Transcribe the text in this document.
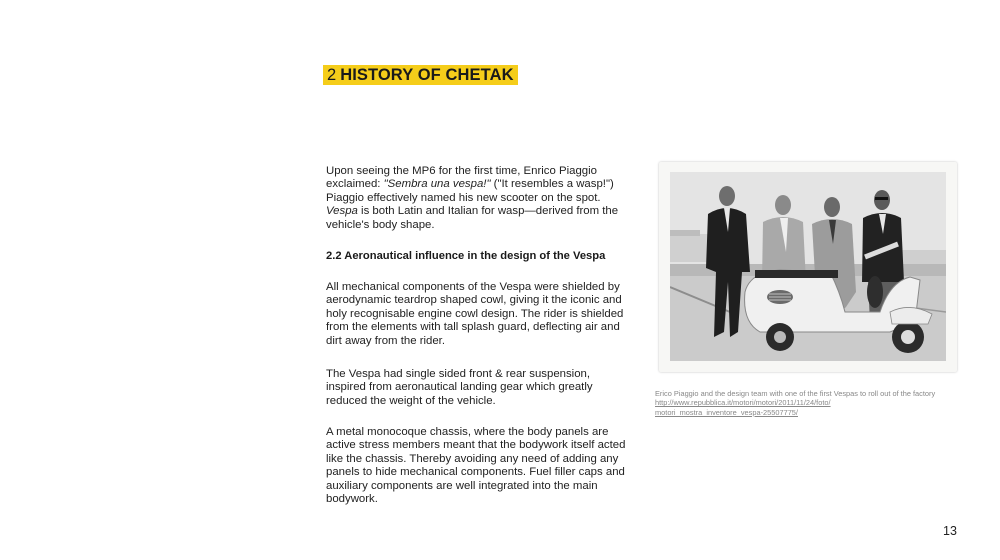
2 HISTORY OF CHETAK

Upon seeing the MP6 for the first time, Enrico Piaggio exclaimed: "Sembra una vespa!" ("It resembles a wasp!") Piaggio effectively named his new scooter on the spot. Vespa is both Latin and Italian for wasp—derived from the vehicle's body shape.

2.2 Aeronautical influence in the design of the Vespa

All mechanical components of the Vespa were shielded by aerodynamic teardrop shaped cowl, giving it the iconic and holy recognisable engine cowl design. The rider is shielded from the elements with tall splash guard, deflecting air and dirt away from the rider.

The Vespa had single sided front & rear suspension, inspired from aeronautical landing gear which greatly reduced the weight of the vehicle.

A metal monocoque chassis, where the body panels are active stress members meant that the bodywork itself acted like the chassis. Thereby avoiding any need of adding any panels to hide mechanical components. Fuel filler caps and auxiliary components are well integrated into the main bodywork.

Erico Piaggio and the design team with one of the first Vespas to roll out of the factory
http://www.repubblica.it/motori/motori/2011/11/24/foto/
motori_mostra_inventore_vespa-25507775/
13
